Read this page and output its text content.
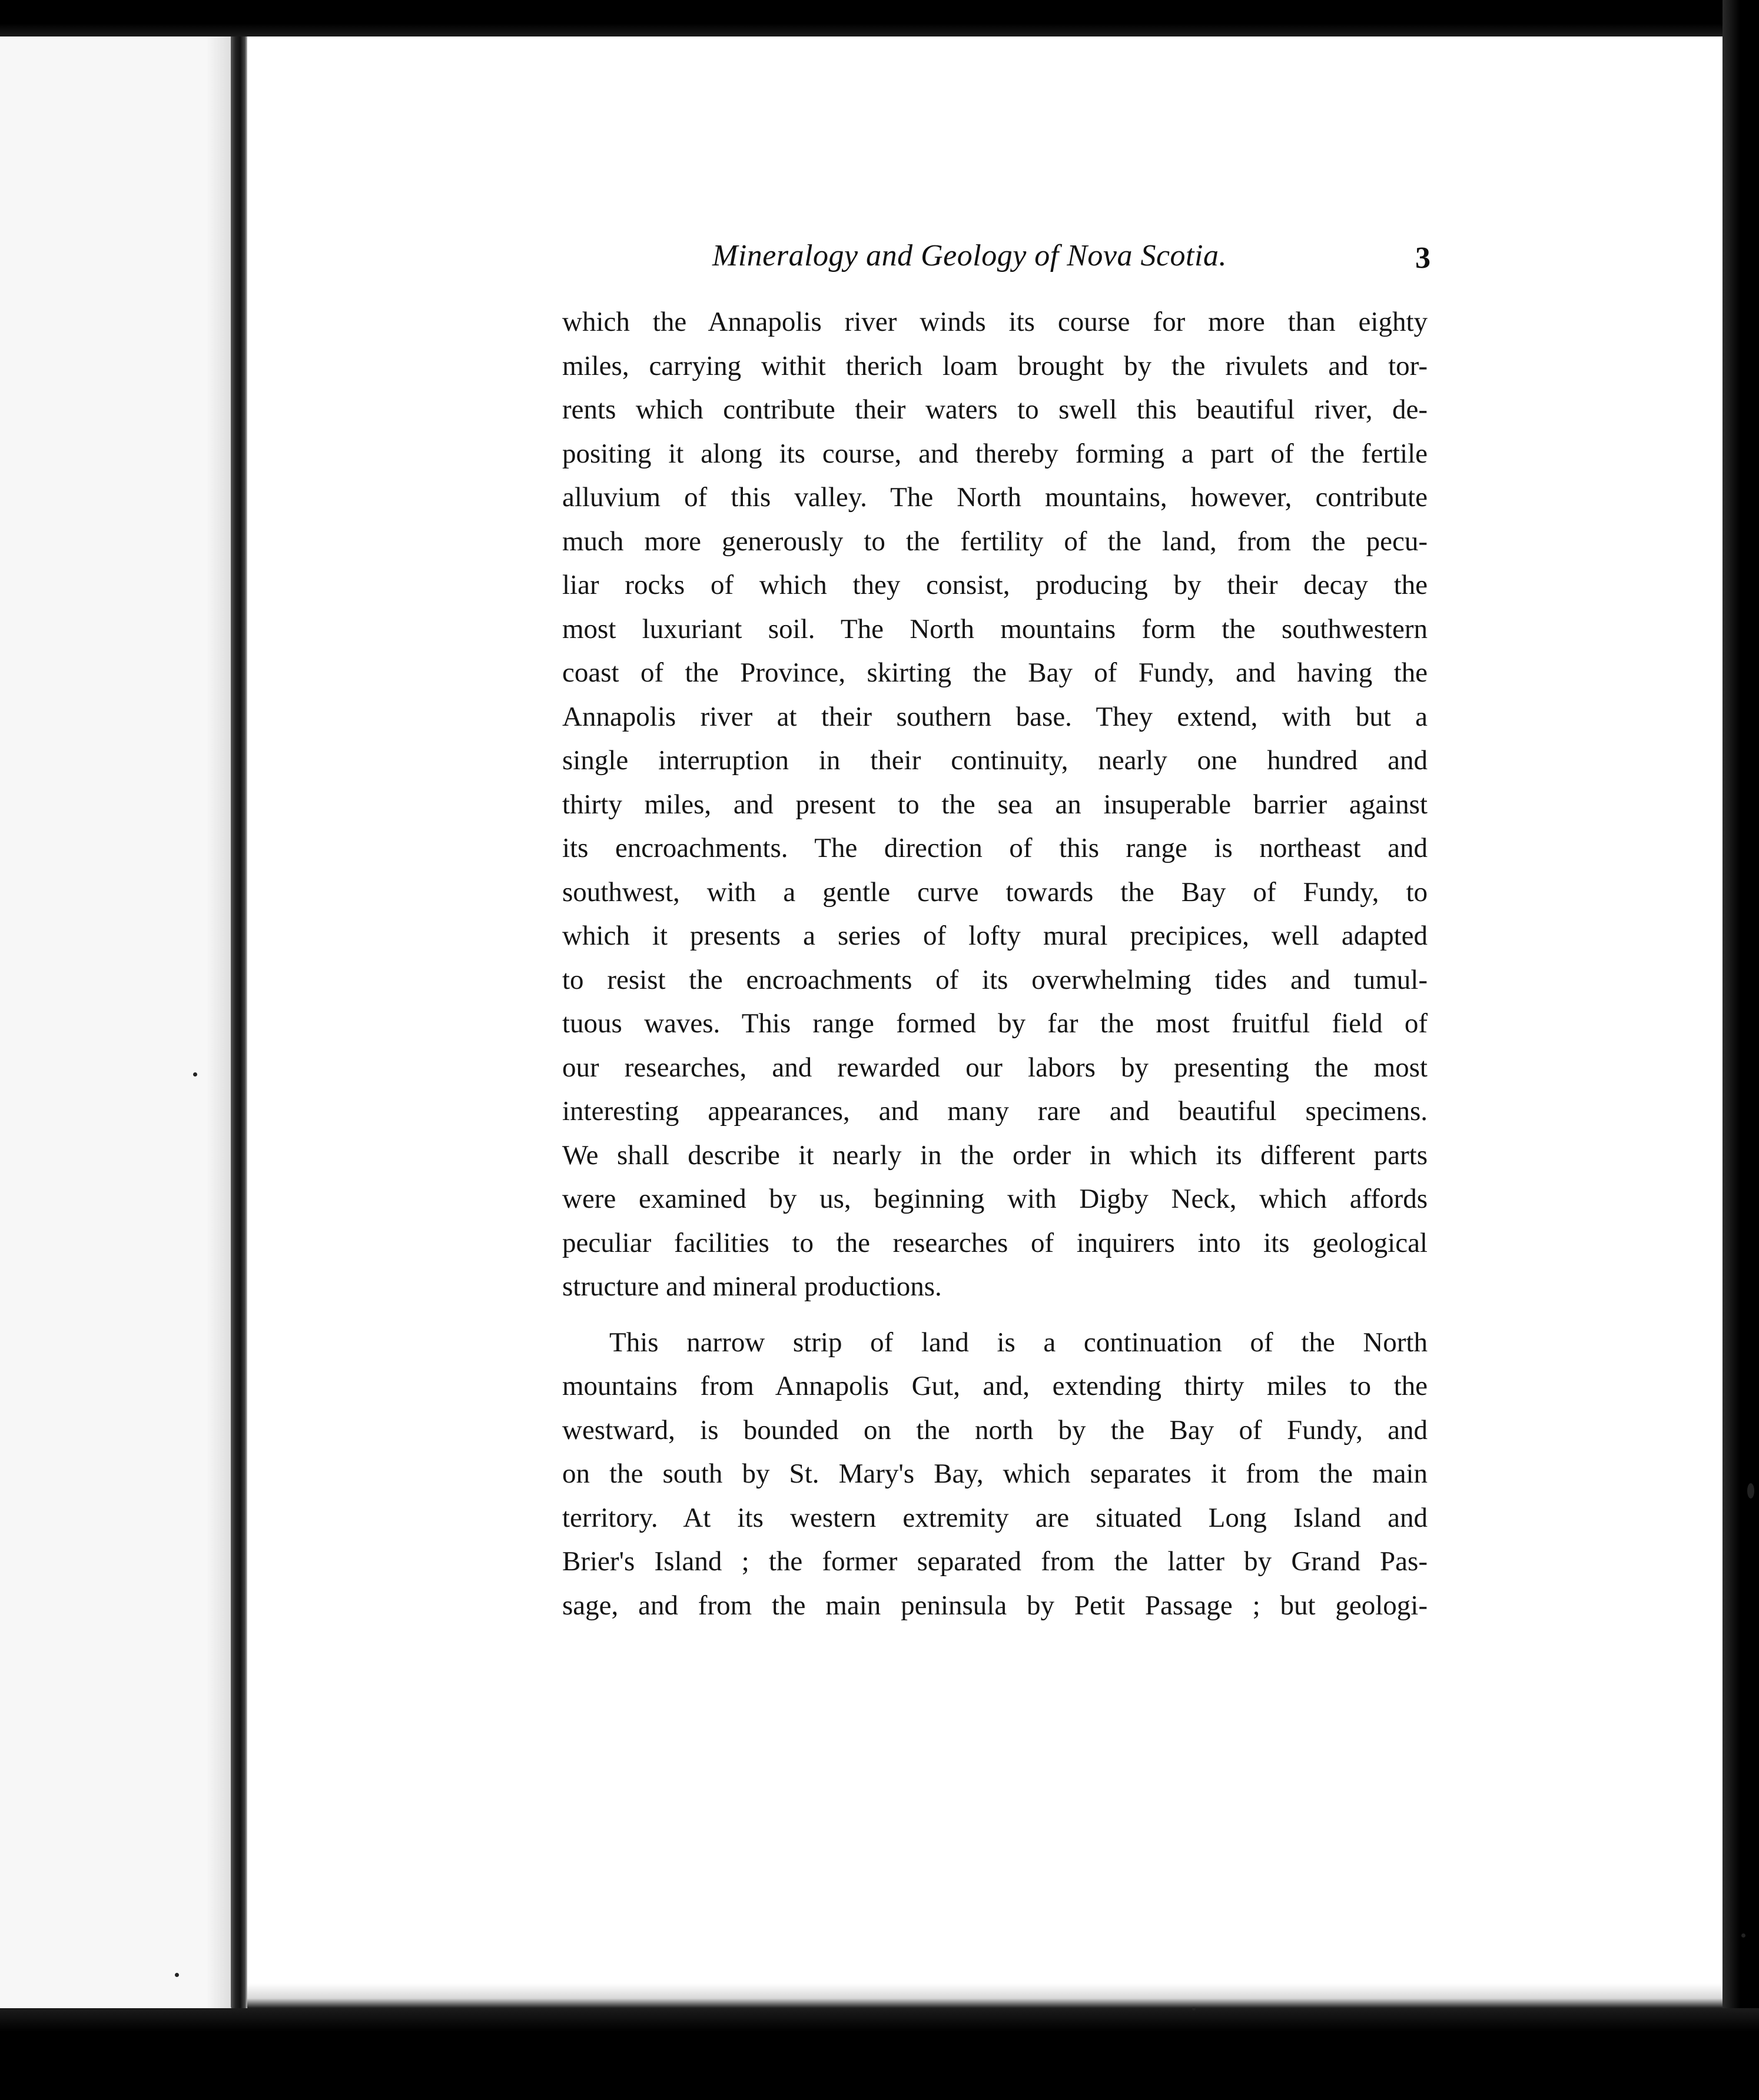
Mineralogy and Geology of Nova Scotia.	3
which the Annapolis river winds its course for more than eighty
miles, carrying withit therich loam brought by the rivulets and tor-
rents which contribute their waters to swell this beautiful river, de-
positing it along its course, and thereby forming a part of the fertile
alluvium of this valley. The North mountains, however, contribute
much more generously to the fertility of the land, from the pecu-
liar rocks of which they consist, producing by their decay the
most luxuriant soil. The North mountains form the southwestern
coast of the Province, skirting the Bay of Fundy, and having the
Annapolis river at their southern base. They extend, with but a
single interruption in their continuity, nearly one hundred and
thirty miles, and present to the sea an insuperable barrier against
its encroachments. The direction of this range is northeast and
southwest, with a gentle curve towards the Bay of Fundy, to
which it presents a series of lofty mural precipices, well adapted
to resist the encroachments of its overwhelming tides and tumul-
tuous waves. This range formed by far the most fruitful field of
our researches, and rewarded our labors by presenting the most
interesting appearances, and many rare and beautiful specimens.
We shall describe it nearly in the order in which its different parts
were examined by us, beginning with Digby Neck, which affords
peculiar facilities to the researches of inquirers into its geological
structure and mineral productions.
This narrow strip of land is a continuation of the North
mountains from Annapolis Gut, and, extending thirty miles to the
westward, is bounded on the north by the Bay of Fundy, and
on the south by St. Mary's Bay, which separates it from the main
territory. At its western extremity are situated Long Island and
Brier's Island ; the former separated from the latter by Grand Pas-
sage, and from the main peninsula by Petit Passage ; but geologi-
